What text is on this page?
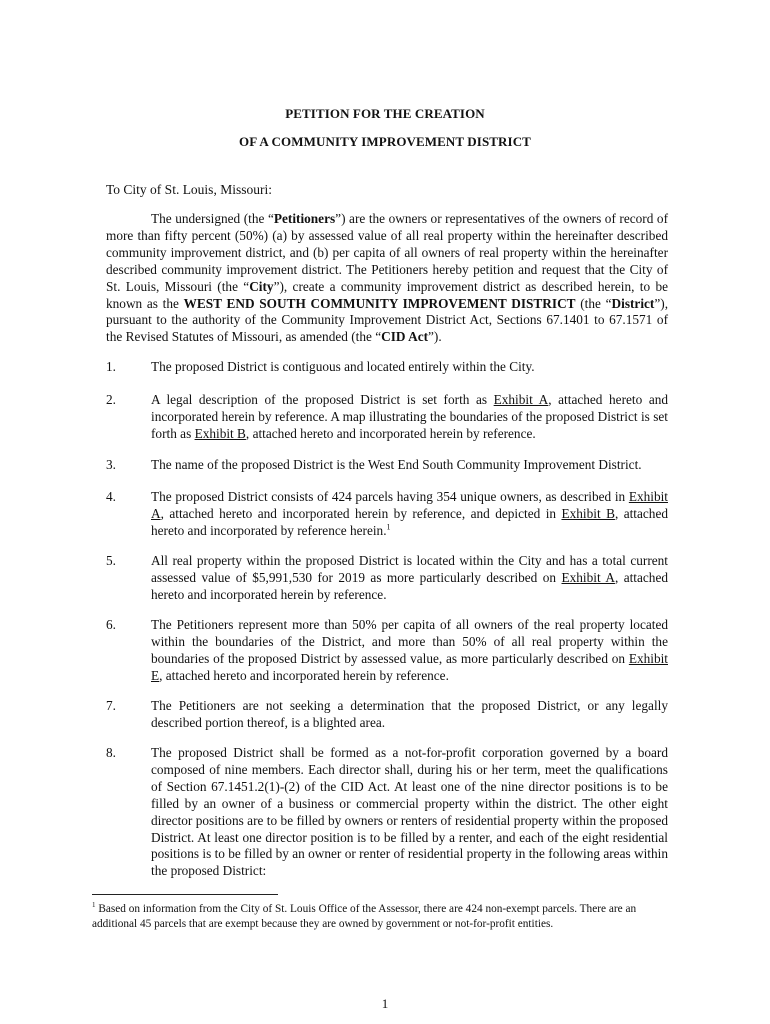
PETITION FOR THE CREATION
OF A COMMUNITY IMPROVEMENT DISTRICT
To City of St. Louis, Missouri:
The undersigned (the “Petitioners”) are the owners or representatives of the owners of record of more than fifty percent (50%) (a) by assessed value of all real property within the hereinafter described community improvement district, and (b) per capita of all owners of real property within the hereinafter described community improvement district. The Petitioners hereby petition and request that the City of St. Louis, Missouri (the “City”), create a community improvement district as described herein, to be known as the WEST END SOUTH COMMUNITY IMPROVEMENT DISTRICT (the “District”), pursuant to the authority of the Community Improvement District Act, Sections 67.1401 to 67.1571 of the Revised Statutes of Missouri, as amended (the “CID Act”).
1.	The proposed District is contiguous and located entirely within the City.
2.	A legal description of the proposed District is set forth as Exhibit A, attached hereto and incorporated herein by reference. A map illustrating the boundaries of the proposed District is set forth as Exhibit B, attached hereto and incorporated herein by reference.
3.	The name of the proposed District is the West End South Community Improvement District.
4.	The proposed District consists of 424 parcels having 354 unique owners, as described in Exhibit A, attached hereto and incorporated herein by reference, and depicted in Exhibit B, attached hereto and incorporated by reference herein.$^1$
5.	All real property within the proposed District is located within the City and has a total current assessed value of $5,991,530 for 2019 as more particularly described on Exhibit A, attached hereto and incorporated herein by reference.
6.	The Petitioners represent more than 50% per capita of all owners of the real property located within the boundaries of the District, and more than 50% of all real property within the boundaries of the proposed District by assessed value, as more particularly described on Exhibit E, attached hereto and incorporated herein by reference.
7.	The Petitioners are not seeking a determination that the proposed District, or any legally described portion thereof, is a blighted area.
8.	The proposed District shall be formed as a not-for-profit corporation governed by a board composed of nine members. Each director shall, during his or her term, meet the qualifications of Section 67.1451.2(1)-(2) of the CID Act. At least one of the nine director positions is to be filled by an owner of a business or commercial property within the district. The other eight director positions are to be filled by owners or renters of residential property within the proposed District. At least one director position is to be filled by a renter, and each of the eight residential positions is to be filled by an owner or renter of residential property in the following areas within the proposed District:
$^1$ Based on information from the City of St. Louis Office of the Assessor, there are 424 non-exempt parcels. There are an additional 45 parcels that are exempt because they are owned by government or not-for-profit entities.
1
